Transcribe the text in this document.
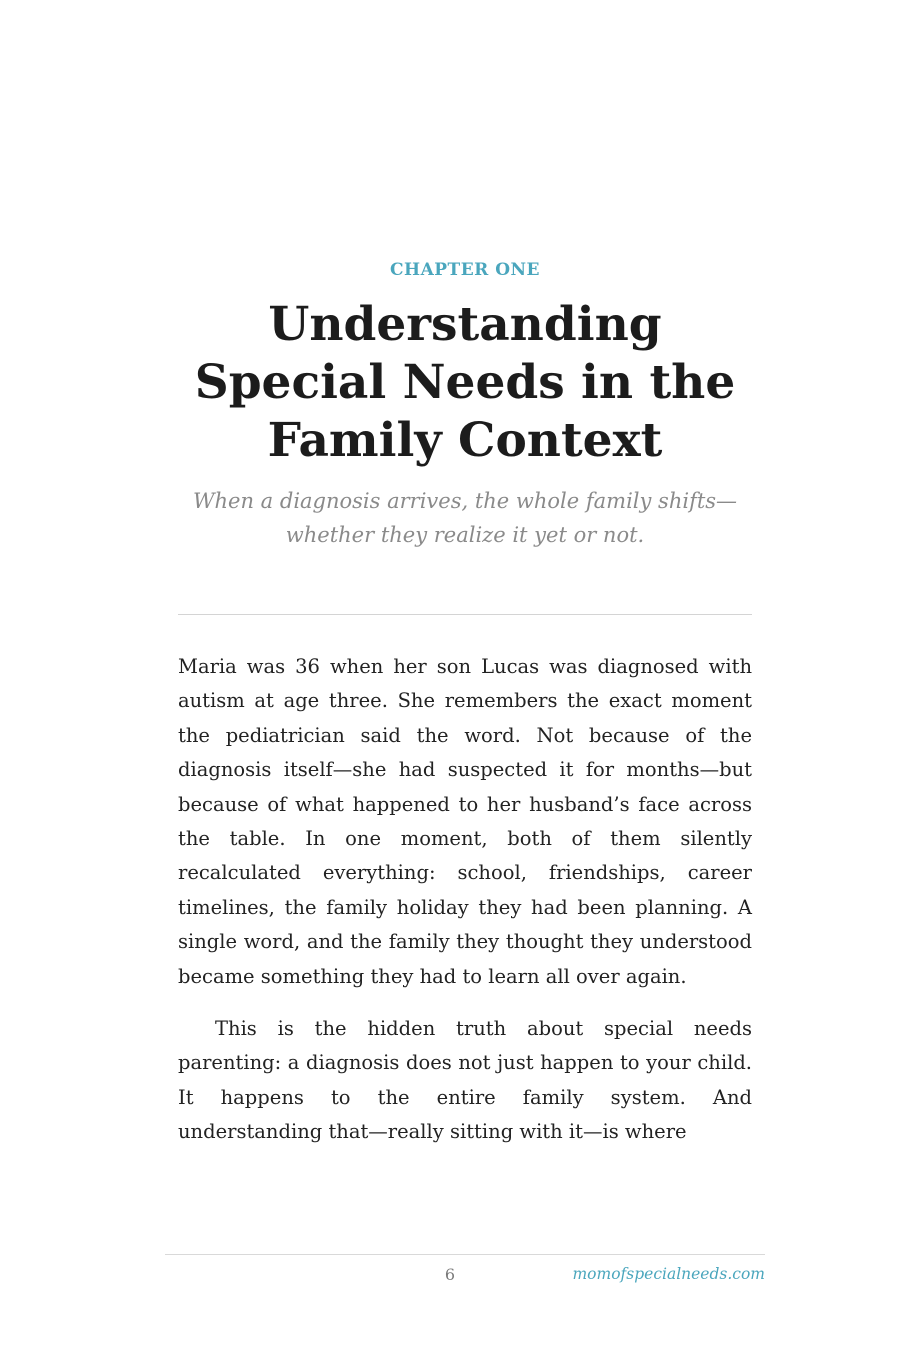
CHAPTER ONE
Understanding Special Needs in the Family Context

When a diagnosis arrives, the whole family shifts—whether they realize it yet or not.

Maria was 36 when her son Lucas was diagnosed with autism at age three. She remembers the exact moment the pediatrician said the word. Not because of the diagnosis itself—she had suspected it for months—but because of what happened to her husband’s face across the table. In one moment, both of them silently recalculated everything: school, friendships, career timelines, the family holiday they had been planning. A single word, and the family they thought they understood became something they had to learn all over again.

This is the hidden truth about special needs parenting: a diagnosis does not just happen to your child. It happens to the entire family system. And understanding that—really sitting with it—is where

6	momofspecialneeds.com
